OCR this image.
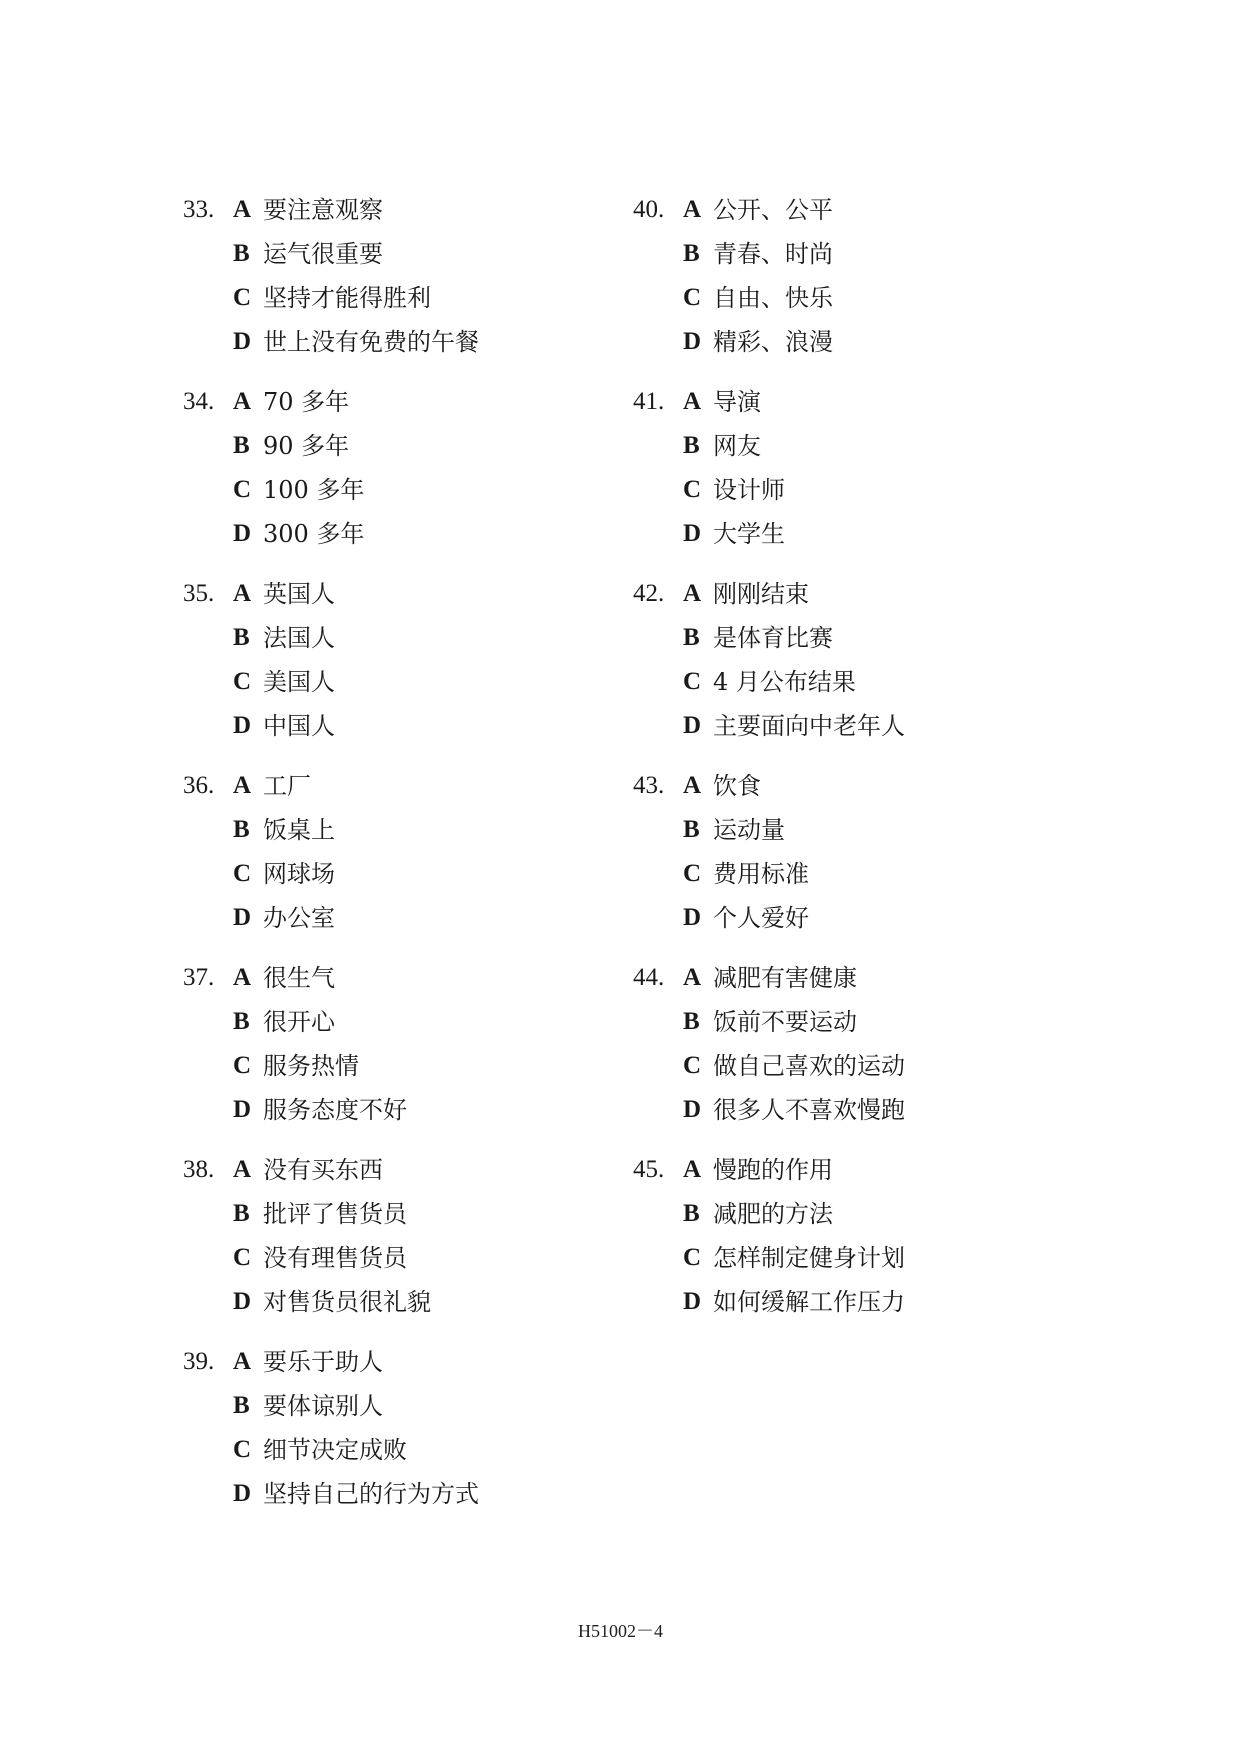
33. A 要注意观察
B 运气很重要
C 坚持才能得胜利
D 世上没有免费的午餐
34. A 70 多年
B 90 多年
C 100 多年
D 300 多年
35. A 英国人
B 法国人
C 美国人
D 中国人
36. A 工厂
B 饭桌上
C 网球场
D 办公室
37. A 很生气
B 很开心
C 服务热情
D 服务态度不好
38. A 没有买东西
B 批评了售货员
C 没有理售货员
D 对售货员很礼貌
39. A 要乐于助人
B 要体谅别人
C 细节决定成败
D 坚持自己的行为方式
40. A 公开、公平
B 青春、时尚
C 自由、快乐
D 精彩、浪漫
41. A 导演
B 网友
C 设计师
D 大学生
42. A 刚刚结束
B 是体育比赛
C 4 月公布结果
D 主要面向中老年人
43. A 饮食
B 运动量
C 费用标准
D 个人爱好
44. A 减肥有害健康
B 饭前不要运动
C 做自己喜欢的运动
D 很多人不喜欢慢跑
45. A 慢跑的作用
B 减肥的方法
C 怎样制定健身计划
D 如何缓解工作压力
H51002－4
